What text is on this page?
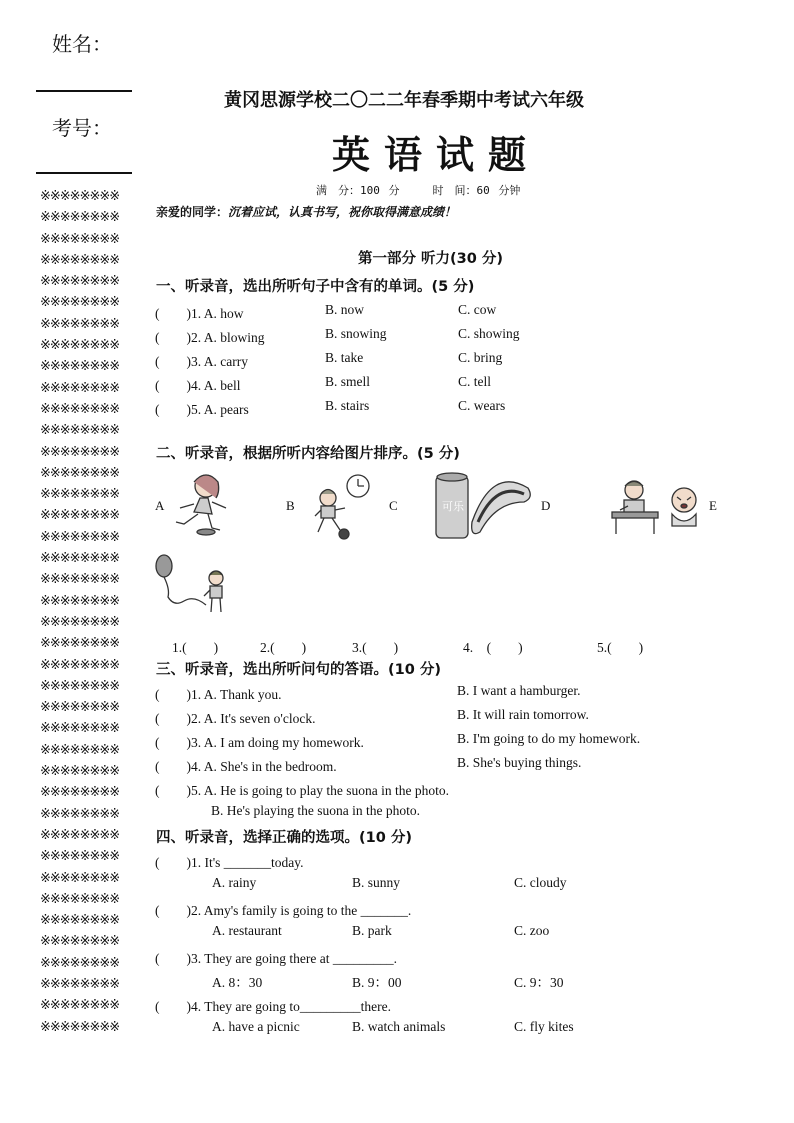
姓名：
考号：
※※※※※※※※
※※※※※※※※
※※※※※※※※
※※※※※※※※
※※※※※※※※
※※※※※※※※
※※※※※※※※
※※※※※※※※
※※※※※※※※
※※※※※※※※
※※※※※※※※
※※※※※※※※
※※※※※※※※
※※※※※※※※
※※※※※※※※
※※※※※※※※
※※※※※※※※
※※※※※※※※
※※※※※※※※
※※※※※※※※
※※※※※※※※
※※※※※※※※
※※※※※※※※
※※※※※※※※
※※※※※※※※
※※※※※※※※
※※※※※※※※
※※※※※※※※
※※※※※※※※
※※※※※※※※
※※※※※※※※
※※※※※※※※
※※※※※※※※
※※※※※※※※
※※※※※※※※
※※※※※※※※
※※※※※※※※
※※※※※※※※
※※※※※※※※
※※※※※※※※
黄冈思源学校二〇二二年春季期中考试六年级
英语试题
满　分：100 分　　　时　间：60 分钟
亲爱的同学：沉着应试，认真书写，祝你取得满意成绩！
第一部分 听力(30 分)
一、听录音，选出所听句子中含有的单词。(5 分)
(　　)1. A. how	B. now	C. cow
(　　)2. A. blowing	B. snowing	C. showing
(　　)3. A. carry	B. take	C. bring
(　　)4. A. bell	B. smell	C. tell
(　　)5. A. pears	B. stairs	C. wears
二、听录音，根据所听内容给图片排序。(5 分)
A	B	C	D	E
可乐
1.(　　)	2.(　　)	3.(　　)	4.　(　　)	5.(　　)
三、听录音，选出所听问句的答语。(10 分)
(　　)1. A. Thank you.	B. I want a hamburger.
(　　)2. A. It's seven o'clock.	B. It will rain tomorrow.
(　　)3. A. I am doing my homework.	B. I'm going to do my homework.
(　　)4. A. She's in the bedroom.	B. She's buying things.
(　　)5. A. He is going to play the suona in the photo.
B. He's playing the suona in the photo.
四、听录音，选择正确的选项。(10 分)
(　　)1. It's _______today.
A. rainy	B. sunny	C. cloudy
(　　)2. Amy's family is going to the _______.
A. restaurant	B. park	C. zoo
(　　)3. They are going there at _________.
A. 8：30	B. 9：00	C. 9：30
(　　)4. They are going to_________there.
A. have a picnic	B. watch animals	C. fly kites
